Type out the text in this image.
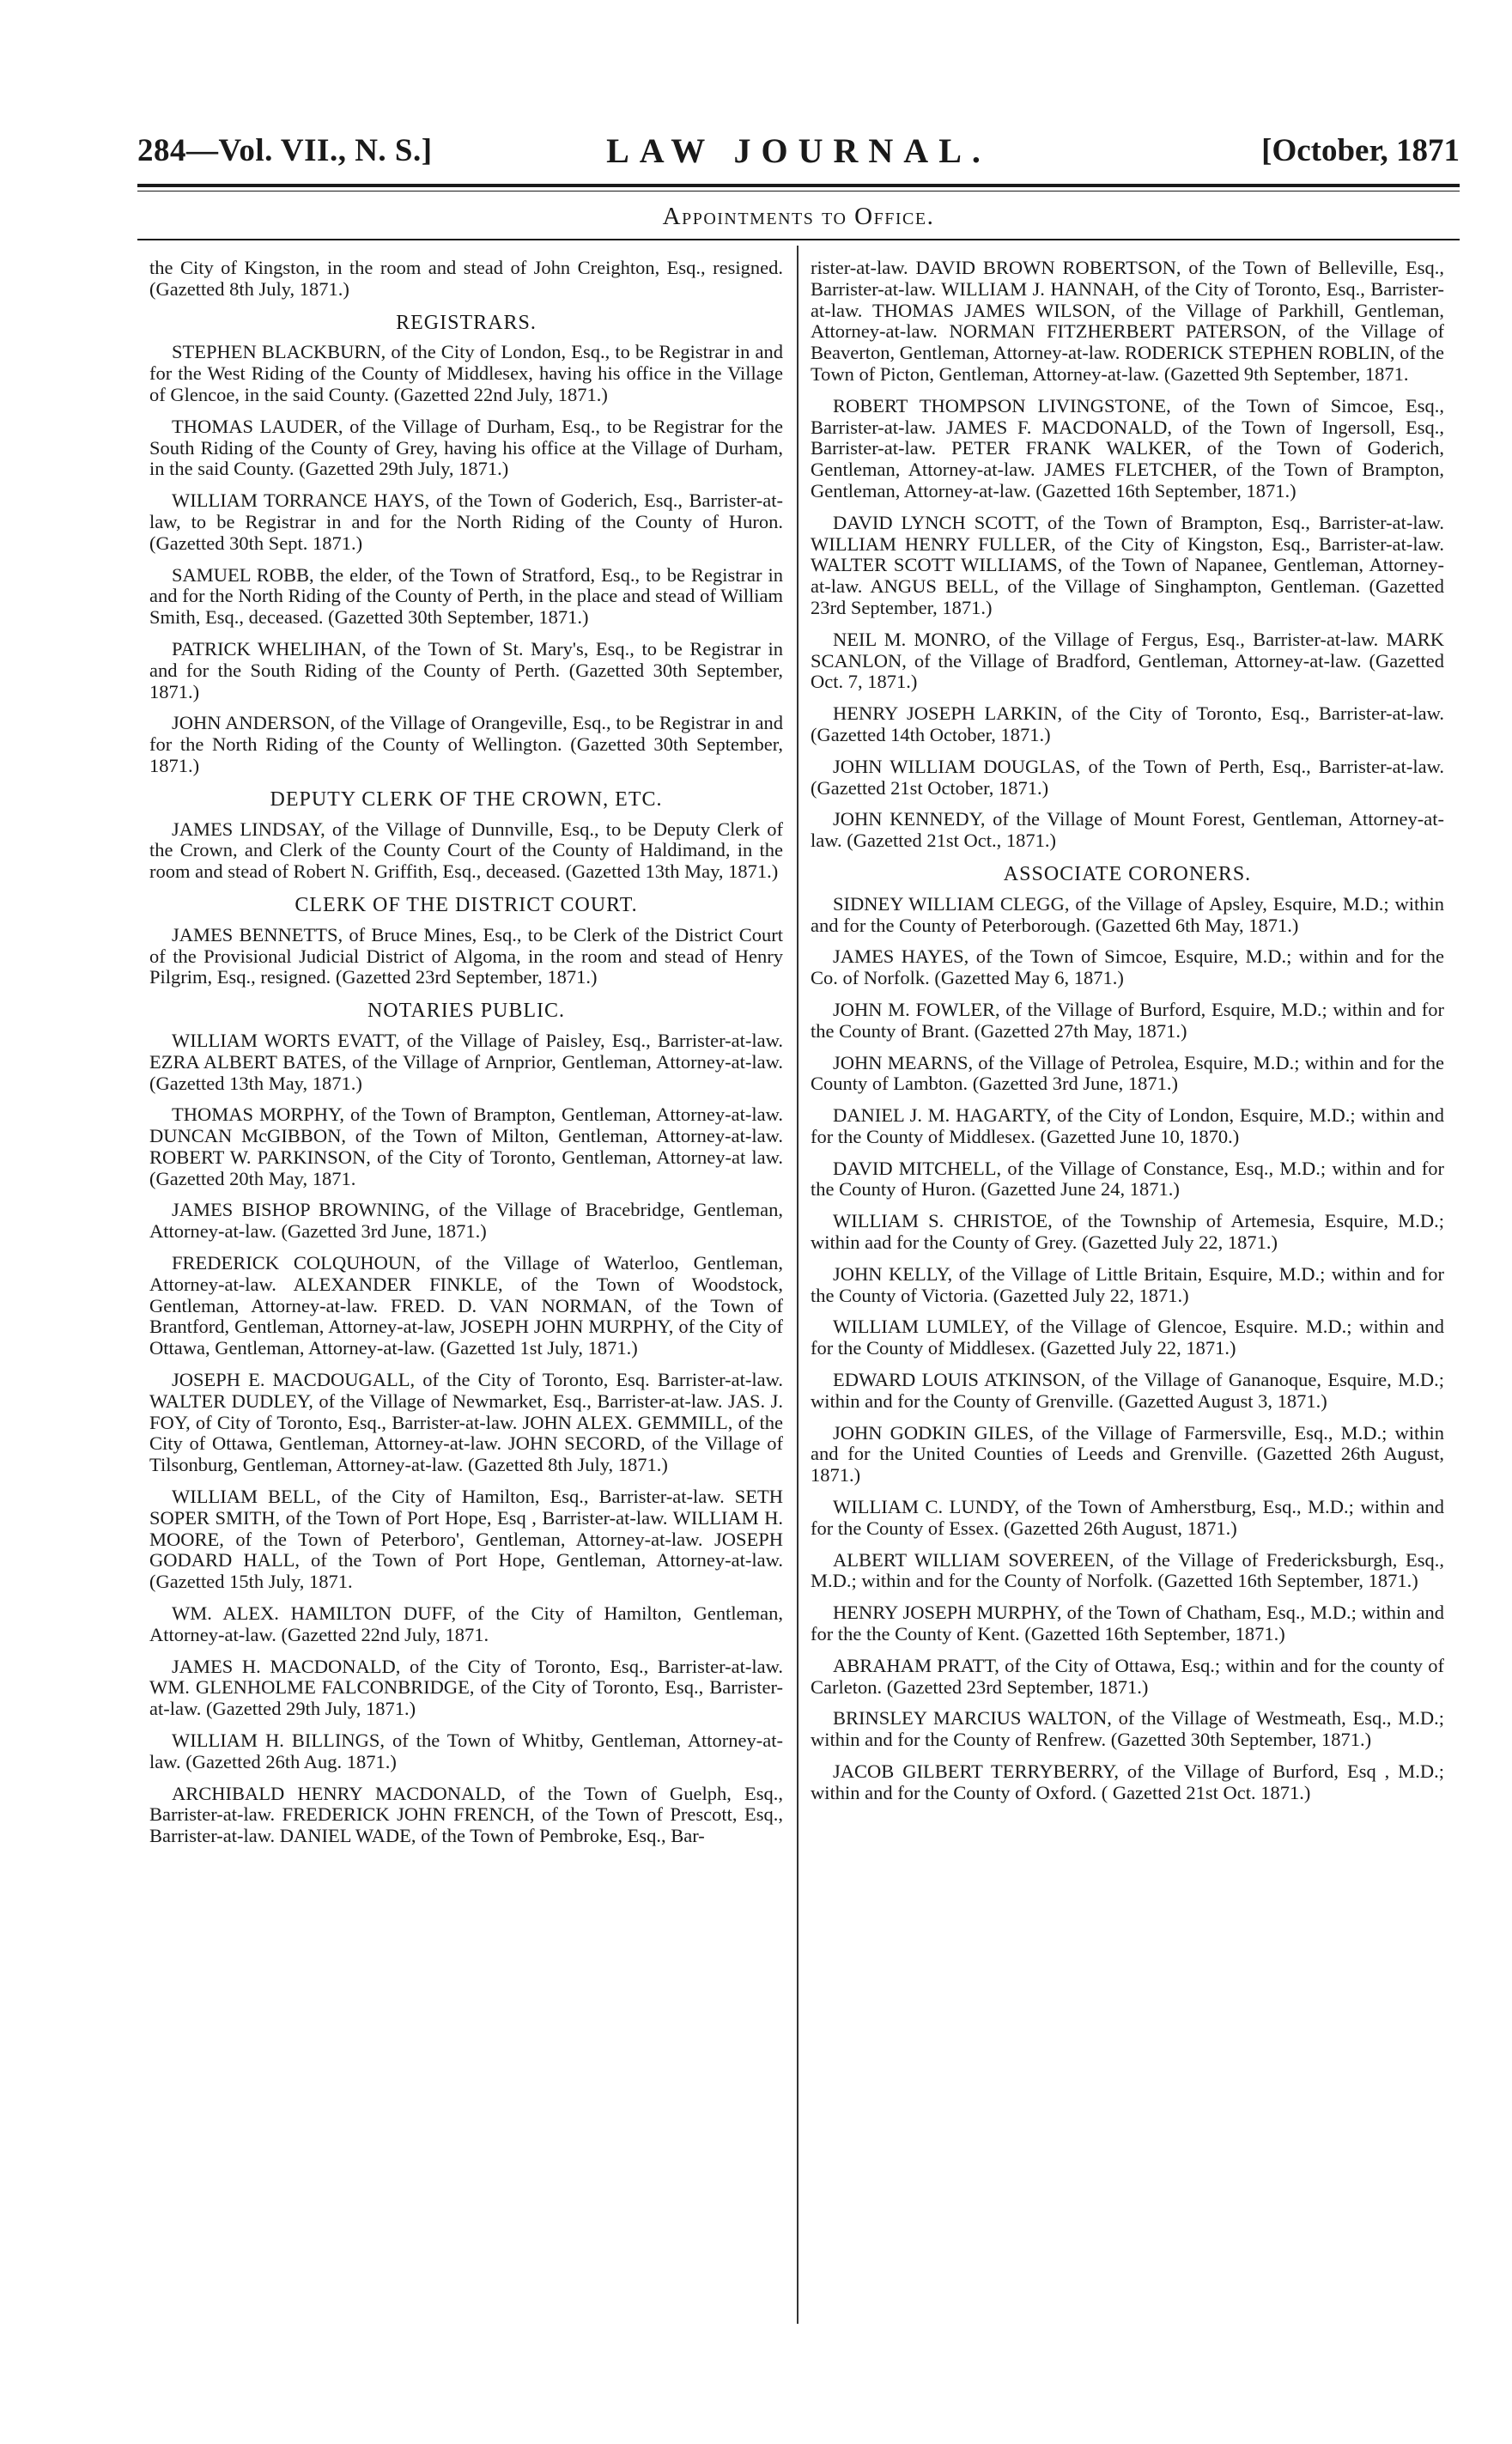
284—Vol. VII., N. S.]	LAW JOURNAL.	[October, 1871
Appointments to Office.

the City of Kingston, in the room and stead of John Creighton, Esq., resigned. (Gazetted 8th July, 1871.)

REGISTRARS.

STEPHEN BLACKBURN, of the City of London, Esq., to be Registrar in and for the West Riding of the County of Middlesex, having his office in the Village of Glencoe, in the said County. (Gazetted 22nd July, 1871.)

THOMAS LAUDER, of the Village of Durham, Esq., to be Registrar for the South Riding of the County of Grey, having his office at the Village of Durham, in the said County. (Gazetted 29th July, 1871.)

WILLIAM TORRANCE HAYS, of the Town of Goderich, Esq., Barrister-at-law, to be Registrar in and for the North Riding of the County of Huron. (Gazetted 30th Sept. 1871.)

SAMUEL ROBB, the elder, of the Town of Stratford, Esq., to be Registrar in and for the North Riding of the County of Perth, in the place and stead of William Smith, Esq., deceased. (Gazetted 30th September, 1871.)

PATRICK WHELIHAN, of the Town of St. Mary's, Esq., to be Registrar in and for the South Riding of the County of Perth. (Gazetted 30th September, 1871.)

JOHN ANDERSON, of the Village of Orangeville, Esq., to be Registrar in and for the North Riding of the County of Wellington. (Gazetted 30th September, 1871.)

DEPUTY CLERK OF THE CROWN, ETC.

JAMES LINDSAY, of the Village of Dunnville, Esq., to be Deputy Clerk of the Crown, and Clerk of the County Court of the County of Haldimand, in the room and stead of Robert N. Griffith, Esq., deceased. (Gazetted 13th May, 1871.)

CLERK OF THE DISTRICT COURT.

JAMES BENNETTS, of Bruce Mines, Esq., to be Clerk of the District Court of the Provisional Judicial District of Algoma, in the room and stead of Henry Pilgrim, Esq., resigned. (Gazetted 23rd September, 1871.)

NOTARIES PUBLIC.

WILLIAM WORTS EVATT, of the Village of Paisley, Esq., Barrister-at-law. EZRA ALBERT BATES, of the Village of Arnprior, Gentleman, Attorney-at-law. (Gazetted 13th May, 1871.)

THOMAS MORPHY, of the Town of Brampton, Gentleman, Attorney-at-law. DUNCAN McGIBBON, of the Town of Milton, Gentleman, Attorney-at-law. ROBERT W. PARKINSON, of the City of Toronto, Gentleman, Attorney-at law. (Gazetted 20th May, 1871.

JAMES BISHOP BROWNING, of the Village of Bracebridge, Gentleman, Attorney-at-law. (Gazetted 3rd June, 1871.)

FREDERICK COLQUHOUN, of the Village of Waterloo, Gentleman, Attorney-at-law. ALEXANDER FINKLE, of the Town of Woodstock, Gentleman, Attorney-at-law. FRED. D. VAN NORMAN, of the Town of Brantford, Gentleman, Attorney-at-law, JOSEPH JOHN MURPHY, of the City of Ottawa, Gentleman, Attorney-at-law. (Gazetted 1st July, 1871.)

JOSEPH E. MACDOUGALL, of the City of Toronto, Esq. Barrister-at-law. WALTER DUDLEY, of the Village of Newmarket, Esq., Barrister-at-law. JAS. J. FOY, of City of Toronto, Esq., Barrister-at-law. JOHN ALEX. GEMMILL, of the City of Ottawa, Gentleman, Attorney-at-law. JOHN SECORD, of the Village of Tilsonburg, Gentleman, Attorney-at-law. (Gazetted 8th July, 1871.)

WILLIAM BELL, of the City of Hamilton, Esq., Barrister-at-law. SETH SOPER SMITH, of the Town of Port Hope, Esq , Barrister-at-law. WILLIAM H. MOORE, of the Town of Peterboro', Gentleman, Attorney-at-law. JOSEPH GODARD HALL, of the Town of Port Hope, Gentleman, Attorney-at-law. (Gazetted 15th July, 1871.

WM. ALEX. HAMILTON DUFF, of the City of Hamilton, Gentleman, Attorney-at-law. (Gazetted 22nd July, 1871.

JAMES H. MACDONALD, of the City of Toronto, Esq., Barrister-at-law. WM. GLENHOLME FALCONBRIDGE, of the City of Toronto, Esq., Barrister-at-law. (Gazetted 29th July, 1871.)

WILLIAM H. BILLINGS, of the Town of Whitby, Gentleman, Attorney-at-law. (Gazetted 26th Aug. 1871.)

ARCHIBALD HENRY MACDONALD, of the Town of Guelph, Esq., Barrister-at-law. FREDERICK JOHN FRENCH, of the Town of Prescott, Esq., Barrister-at-law. DANIEL WADE, of the Town of Pembroke, Esq., Bar-

rister-at-law. DAVID BROWN ROBERTSON, of the Town of Belleville, Esq., Barrister-at-law. WILLIAM J. HANNAH, of the City of Toronto, Esq., Barrister-at-law. THOMAS JAMES WILSON, of the Village of Parkhill, Gentleman, Attorney-at-law. NORMAN FITZHERBERT PATERSON, of the Village of Beaverton, Gentleman, Attorney-at-law. RODERICK STEPHEN ROBLIN, of the Town of Picton, Gentleman, Attorney-at-law. (Gazetted 9th September, 1871.

ROBERT THOMPSON LIVINGSTONE, of the Town of Simcoe, Esq., Barrister-at-law. JAMES F. MACDONALD, of the Town of Ingersoll, Esq., Barrister-at-law. PETER FRANK WALKER, of the Town of Goderich, Gentleman, Attorney-at-law. JAMES FLETCHER, of the Town of Brampton, Gentleman, Attorney-at-law. (Gazetted 16th September, 1871.)

DAVID LYNCH SCOTT, of the Town of Brampton, Esq., Barrister-at-law. WILLIAM HENRY FULLER, of the City of Kingston, Esq., Barrister-at-law. WALTER SCOTT WILLIAMS, of the Town of Napanee, Gentleman, Attorney-at-law. ANGUS BELL, of the Village of Singhampton, Gentleman. (Gazetted 23rd September, 1871.)

NEIL M. MONRO, of the Village of Fergus, Esq., Barrister-at-law. MARK SCANLON, of the Village of Bradford, Gentleman, Attorney-at-law. (Gazetted Oct. 7, 1871.)

HENRY JOSEPH LARKIN, of the City of Toronto, Esq., Barrister-at-law. (Gazetted 14th October, 1871.)

JOHN WILLIAM DOUGLAS, of the Town of Perth, Esq., Barrister-at-law. (Gazetted 21st October, 1871.)

JOHN KENNEDY, of the Village of Mount Forest, Gentleman, Attorney-at-law. (Gazetted 21st Oct., 1871.)

ASSOCIATE CORONERS.

SIDNEY WILLIAM CLEGG, of the Village of Apsley, Esquire, M.D.; within and for the County of Peterborough. (Gazetted 6th May, 1871.)

JAMES HAYES, of the Town of Simcoe, Esquire, M.D.; within and for the Co. of Norfolk. (Gazetted May 6, 1871.)

JOHN M. FOWLER, of the Village of Burford, Esquire, M.D.; within and for the County of Brant. (Gazetted 27th May, 1871.)

JOHN MEARNS, of the Village of Petrolea, Esquire, M.D.; within and for the County of Lambton. (Gazetted 3rd June, 1871.)

DANIEL J. M. HAGARTY, of the City of London, Esquire, M.D.; within and for the County of Middlesex. (Gazetted June 10, 1870.)

DAVID MITCHELL, of the Village of Constance, Esq., M.D.; within and for the County of Huron. (Gazetted June 24, 1871.)

WILLIAM S. CHRISTOE, of the Township of Artemesia, Esquire, M.D.; within aad for the County of Grey. (Gazetted July 22, 1871.)

JOHN KELLY, of the Village of Little Britain, Esquire, M.D.; within and for the County of Victoria. (Gazetted July 22, 1871.)

WILLIAM LUMLEY, of the Village of Glencoe, Esquire. M.D.; within and for the County of Middlesex. (Gazetted July 22, 1871.)

EDWARD LOUIS ATKINSON, of the Village of Gananoque, Esquire, M.D.; within and for the County of Grenville. (Gazetted August 3, 1871.)

JOHN GODKIN GILES, of the Village of Farmersville, Esq., M.D.; within and for the United Counties of Leeds and Grenville. (Gazetted 26th August, 1871.)

WILLIAM C. LUNDY, of the Town of Amherstburg, Esq., M.D.; within and for the County of Essex. (Gazetted 26th August, 1871.)

ALBERT WILLIAM SOVEREEN, of the Village of Fredericksburgh, Esq., M.D.; within and for the County of Norfolk. (Gazetted 16th September, 1871.)

HENRY JOSEPH MURPHY, of the Town of Chatham, Esq., M.D.; within and for the the County of Kent. (Gazetted 16th September, 1871.)

ABRAHAM PRATT, of the City of Ottawa, Esq.; within and for the county of Carleton. (Gazetted 23rd September, 1871.)

BRINSLEY MARCIUS WALTON, of the Village of Westmeath, Esq., M.D.; within and for the County of Renfrew. (Gazetted 30th September, 1871.)

JACOB GILBERT TERRYBERRY, of the Village of Burford, Esq , M.D.; within and for the County of Oxford. ( Gazetted 21st Oct. 1871.)
